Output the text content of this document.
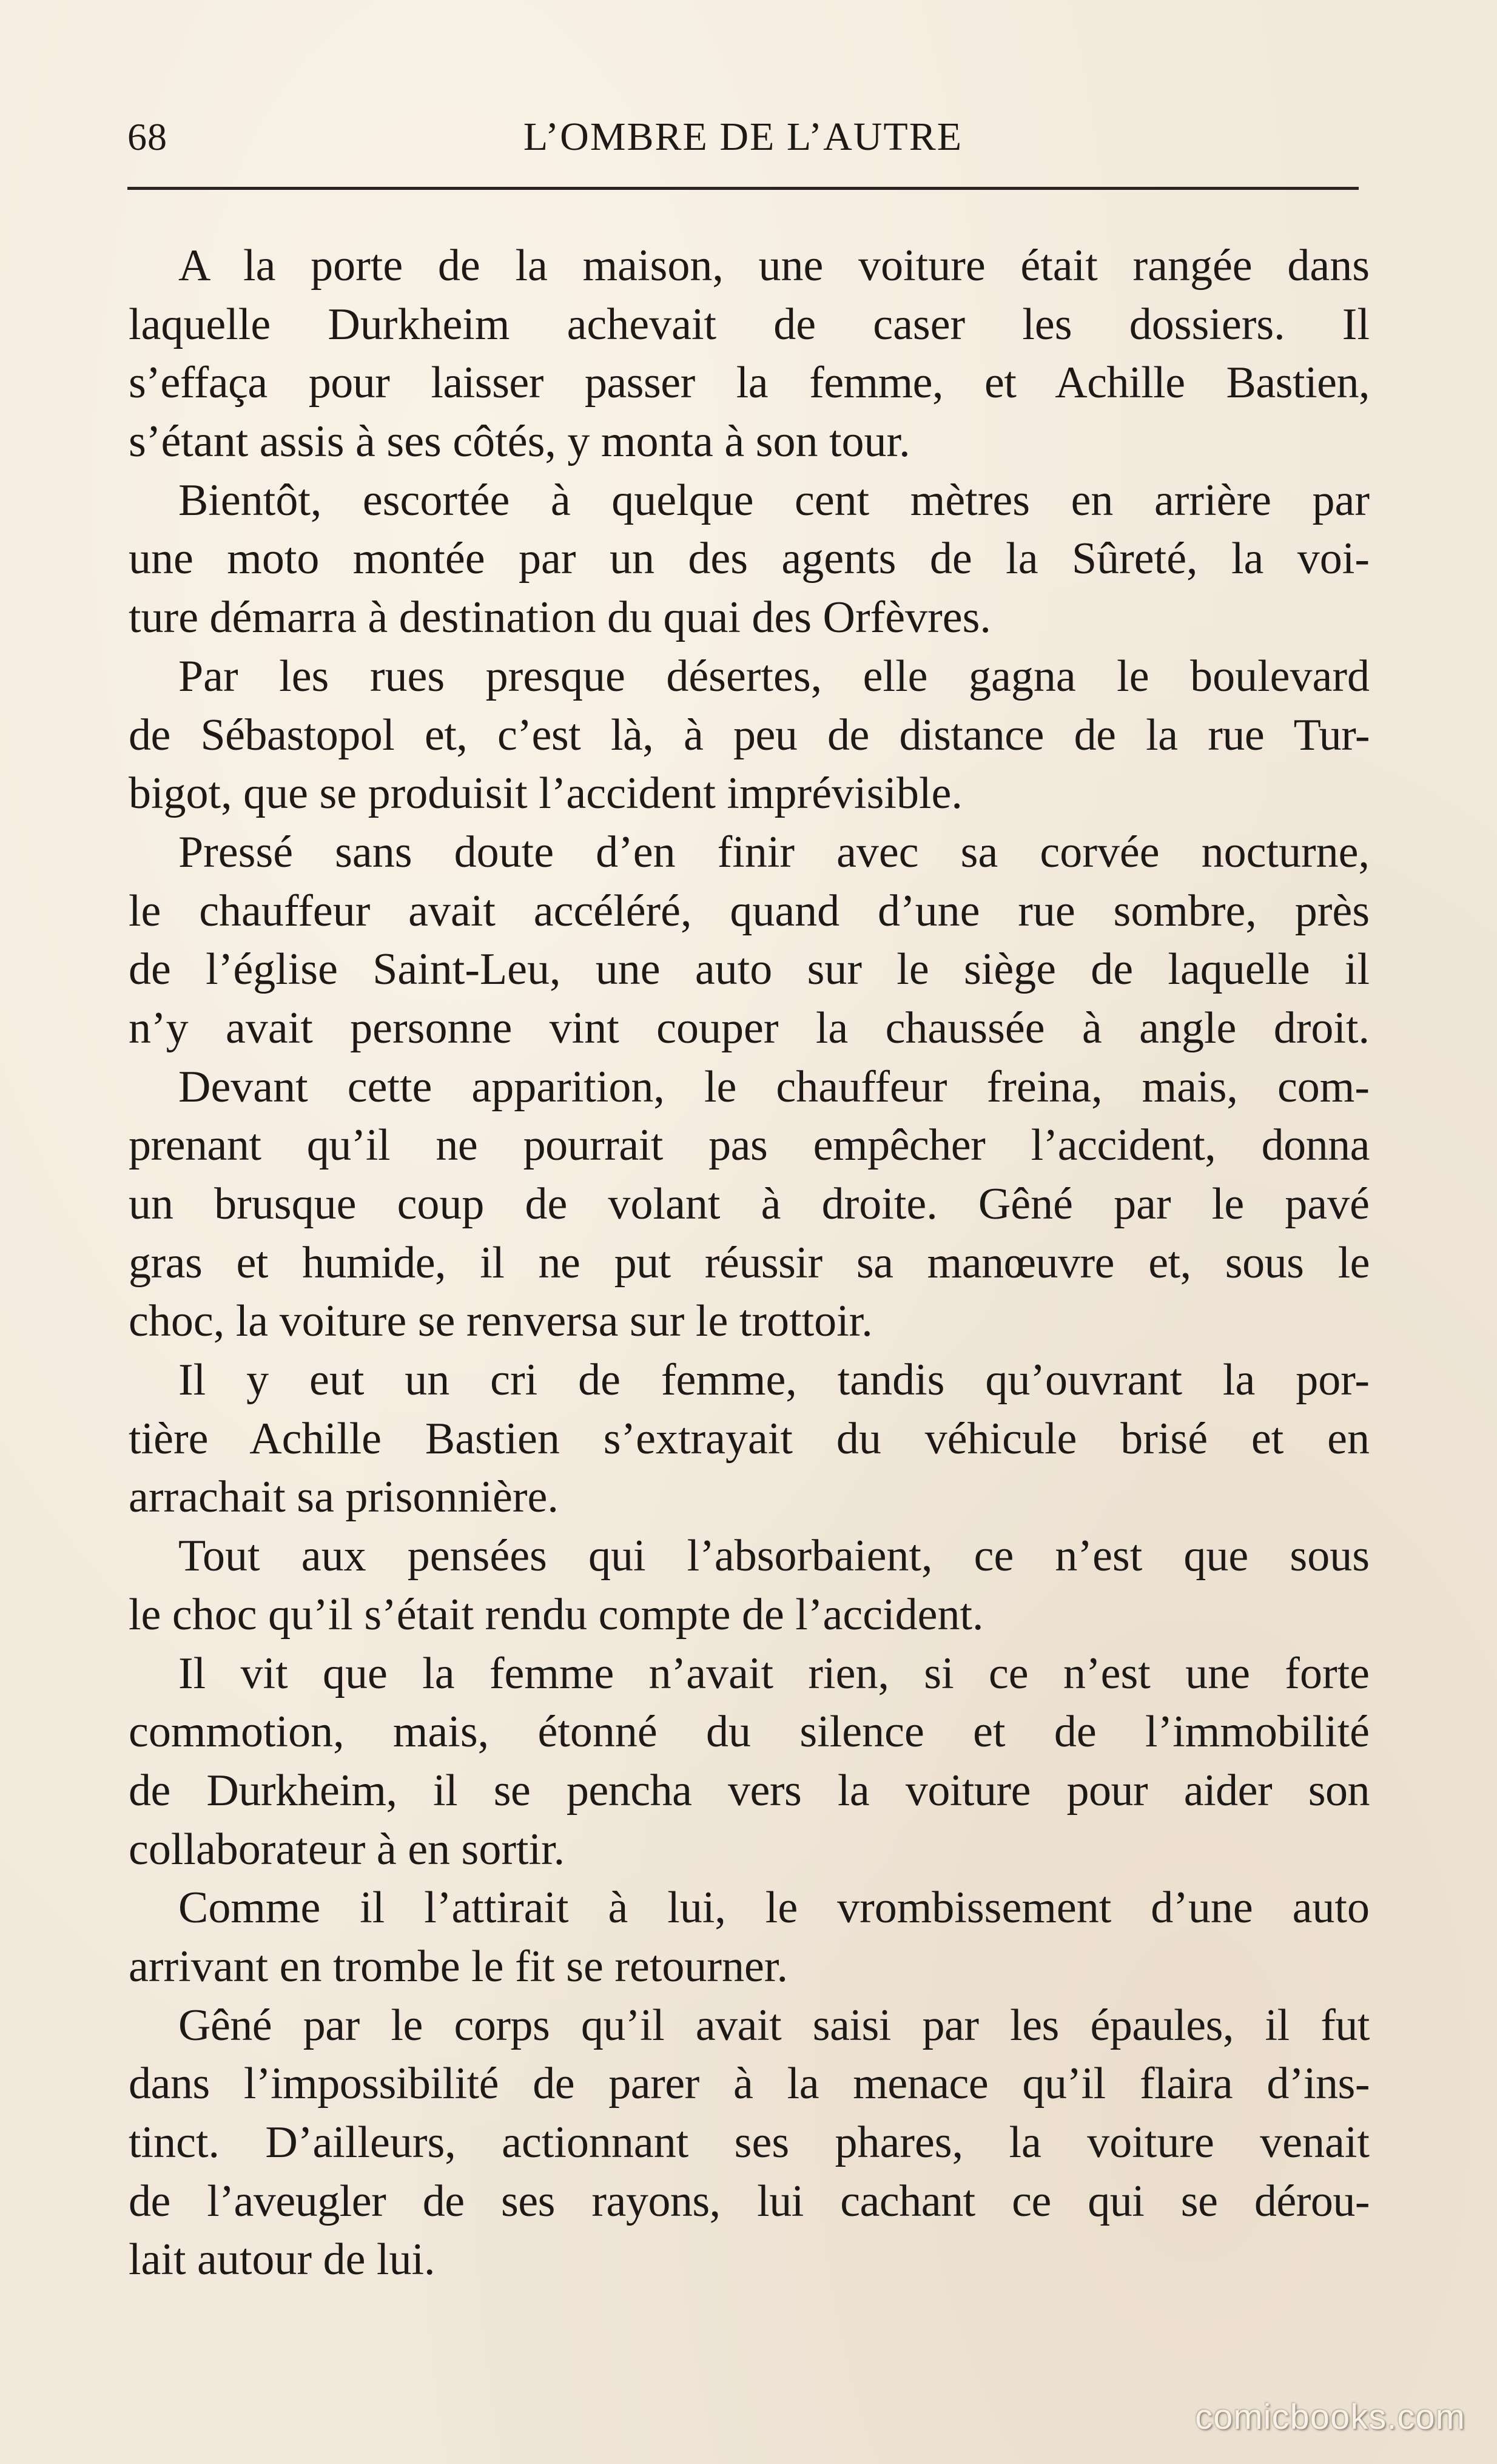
68	L’OMBRE DE L’AUTRE
A la porte de la maison, une voiture était rangée dans
laquelle Durkheim achevait de caser les dossiers. Il
s’effaça pour laisser passer la femme, et Achille Bastien,
s’étant assis à ses côtés, y monta à son tour.
Bientôt, escortée à quelque cent mètres en arrière par
une moto montée par un des agents de la Sûreté, la voi-
ture démarra à destination du quai des Orfèvres.
Par les rues presque désertes, elle gagna le boulevard
de Sébastopol et, c’est là, à peu de distance de la rue Tur-
bigot, que se produisit l’accident imprévisible.
Pressé sans doute d’en finir avec sa corvée nocturne,
le chauffeur avait accéléré, quand d’une rue sombre, près
de l’église Saint-Leu, une auto sur le siège de laquelle il
n’y avait personne vint couper la chaussée à angle droit.
Devant cette apparition, le chauffeur freina, mais, com-
prenant qu’il ne pourrait pas empêcher l’accident, donna
un brusque coup de volant à droite. Gêné par le pavé
gras et humide, il ne put réussir sa manœuvre et, sous le
choc, la voiture se renversa sur le trottoir.
Il y eut un cri de femme, tandis qu’ouvrant la por-
tière Achille Bastien s’extrayait du véhicule brisé et en
arrachait sa prisonnière.
Tout aux pensées qui l’absorbaient, ce n’est que sous
le choc qu’il s’était rendu compte de l’accident.
Il vit que la femme n’avait rien, si ce n’est une forte
commotion, mais, étonné du silence et de l’immobilité
de Durkheim, il se pencha vers la voiture pour aider son
collaborateur à en sortir.
Comme il l’attirait à lui, le vrombissement d’une auto
arrivant en trombe le fit se retourner.
Gêné par le corps qu’il avait saisi par les épaules, il fut
dans l’impossibilité de parer à la menace qu’il flaira d’ins-
tinct. D’ailleurs, actionnant ses phares, la voiture venait
de l’aveugler de ses rayons, lui cachant ce qui se dérou-
lait autour de lui.
comicbooks.com
